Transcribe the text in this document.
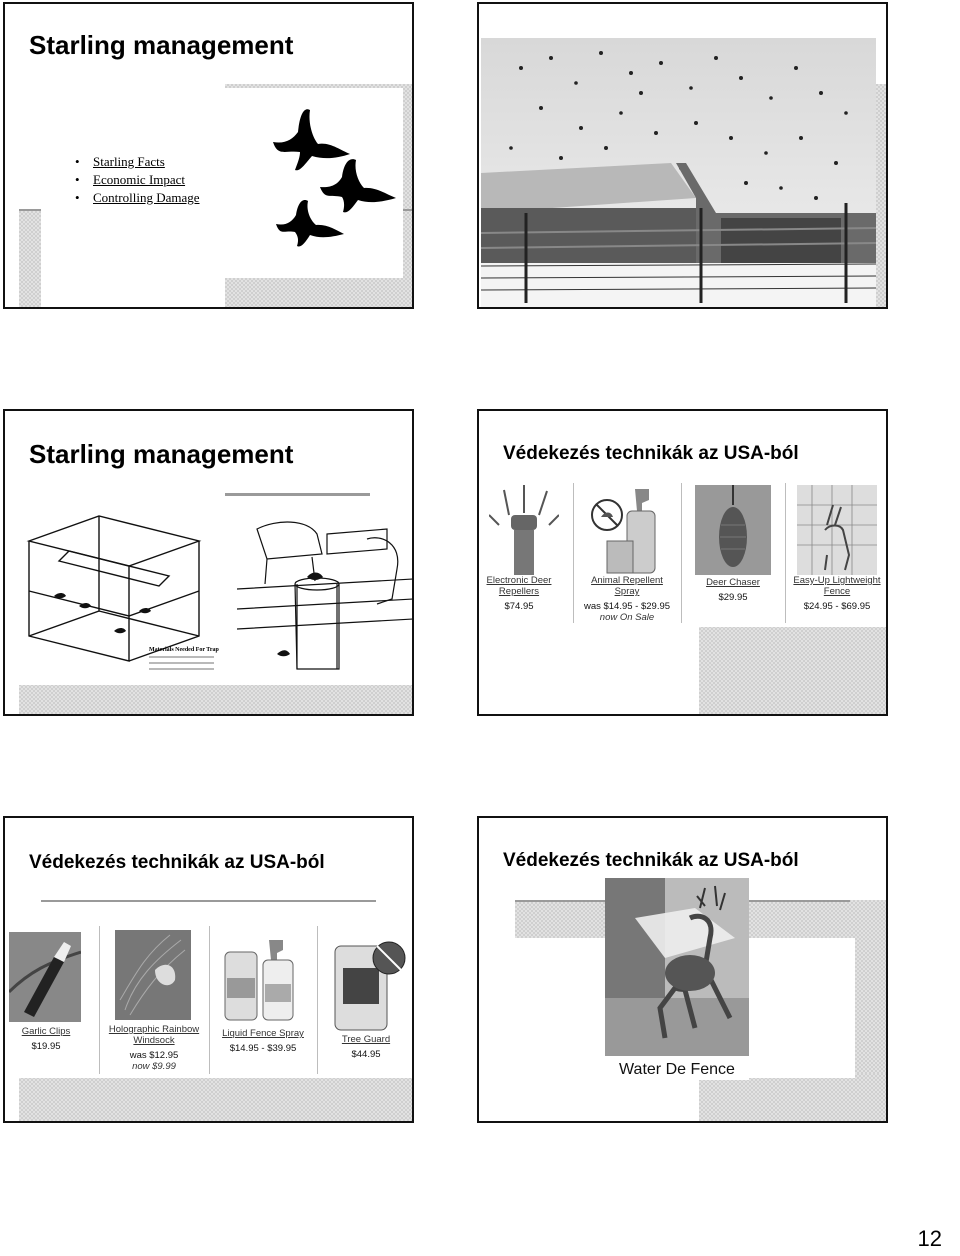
Starling management
• Starling Facts
• Economic Impact
• Controlling Damage
Starling management
Materials Needed For Trap
Védekezés technikák az USA-ból
Electronic Deer Repellers
$74.95
Animal Repellent Spray
was $14.95 - $29.95
now On Sale
Deer Chaser
$29.95
Easy-Up Lightweight Fence
$24.95 - $69.95
Védekezés technikák az USA-ból
Garlic Clips
$19.95
Holographic Rainbow Windsock
was $12.95
now $9.99
Liquid Fence Spray
$14.95 - $39.95
Tree Guard
$44.95
Védekezés technikák az USA-ból
Water De Fence
12
